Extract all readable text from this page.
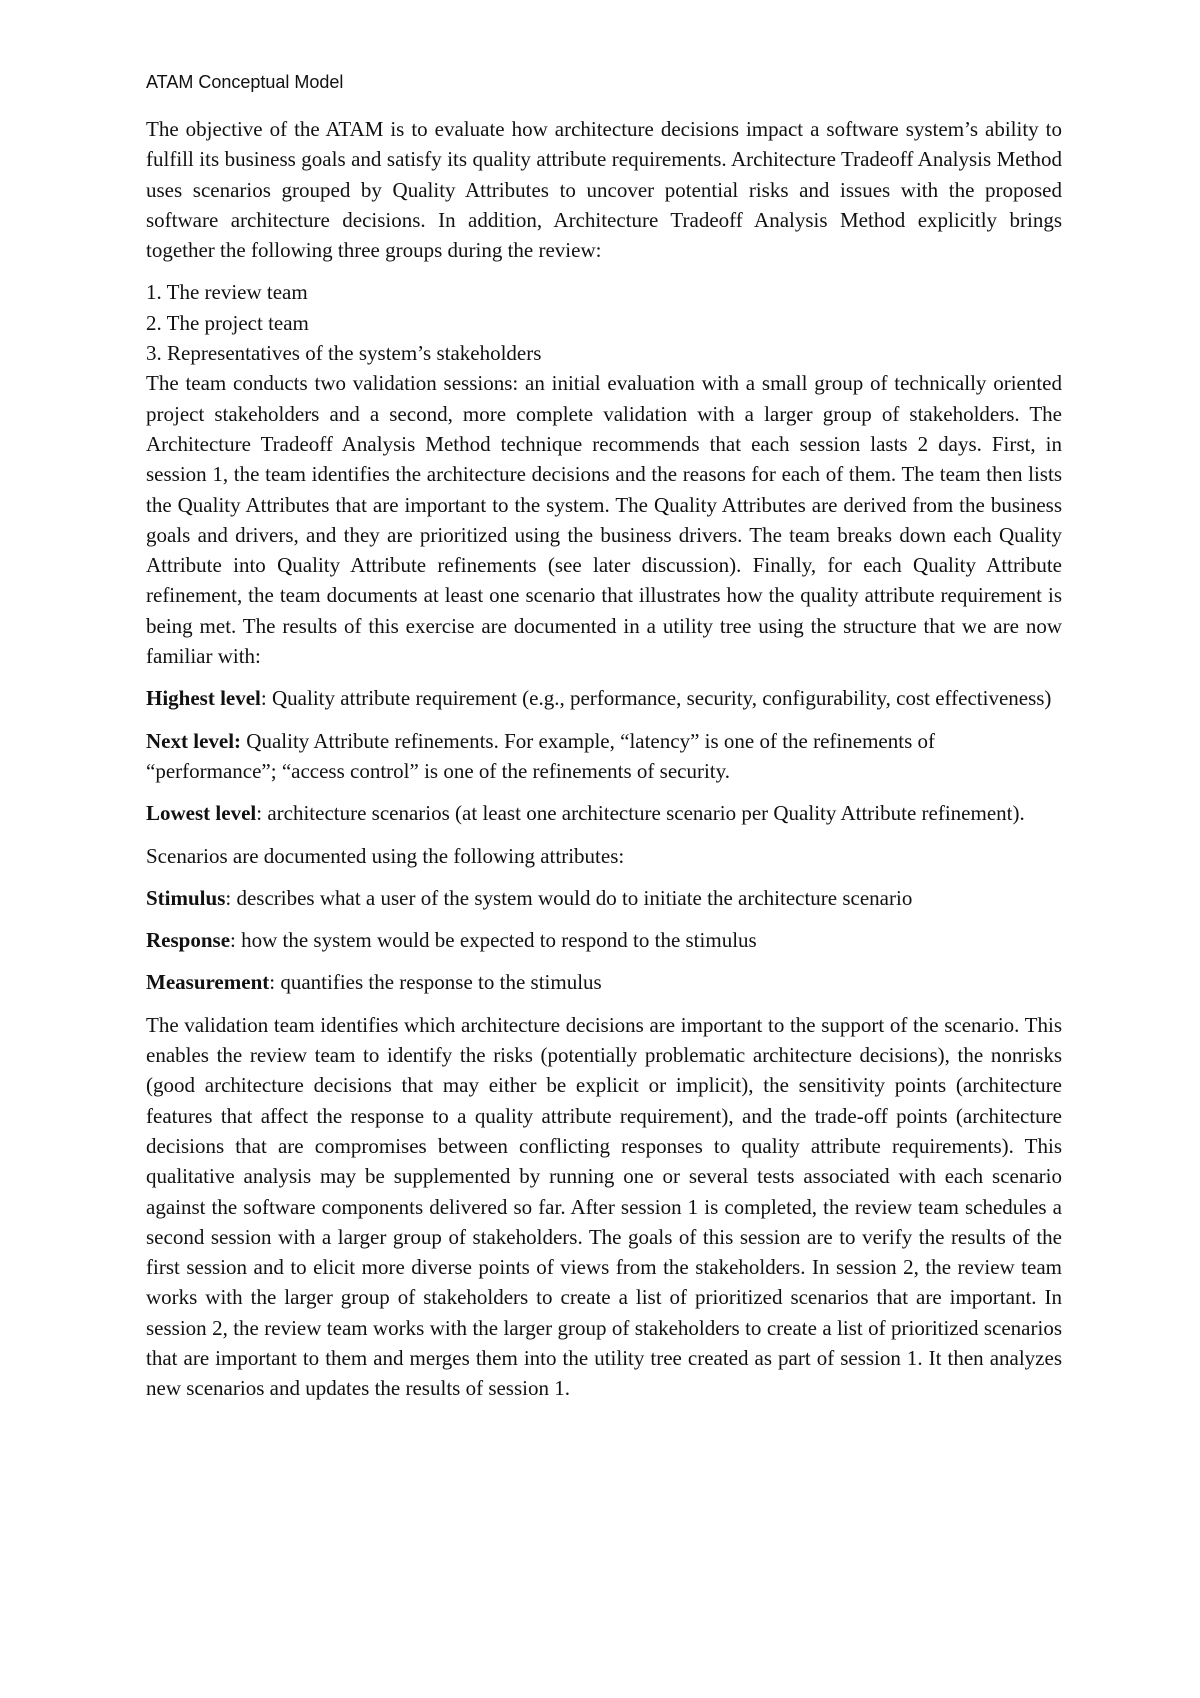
ATAM Conceptual Model

The objective of the ATAM is to evaluate how architecture decisions impact a software system’s ability to fulfill its business goals and satisfy its quality attribute requirements. Architecture Tradeoff Analysis Method uses scenarios grouped by Quality Attributes to uncover potential risks and issues with the proposed software architecture decisions. In addition, Architecture Tradeoff Analysis Method explicitly brings together the following three groups during the review:

1. The review team
2. The project team
3. Representatives of the system’s stakeholders

The team conducts two validation sessions: an initial evaluation with a small group of technically oriented project stakeholders and a second, more complete validation with a larger group of stakeholders. The Architecture Tradeoff Analysis Method technique recommends that each session lasts 2 days. First, in session 1, the team identifies the architecture decisions and the reasons for each of them. The team then lists the Quality Attributes that are important to the system. The Quality Attributes are derived from the business goals and drivers, and they are prioritized using the business drivers. The team breaks down each Quality Attribute into Quality Attribute refinements (see later discussion). Finally, for each Quality Attribute refinement, the team documents at least one scenario that illustrates how the quality attribute requirement is being met. The results of this exercise are documented in a utility tree using the structure that we are now familiar with:

Highest level: Quality attribute requirement (e.g., performance, security, configurability, cost effectiveness)

Next level: Quality Attribute refinements. For example, “latency” is one of the refinements of “performance”; “access control” is one of the refinements of security.

Lowest level: architecture scenarios (at least one architecture scenario per Quality Attribute refinement).

Scenarios are documented using the following attributes:

Stimulus: describes what a user of the system would do to initiate the architecture scenario

Response: how the system would be expected to respond to the stimulus

Measurement: quantifies the response to the stimulus

The validation team identifies which architecture decisions are important to the support of the scenario. This enables the review team to identify the risks (potentially problematic architecture decisions), the nonrisks (good architecture decisions that may either be explicit or implicit), the sensitivity points (architecture features that affect the response to a quality attribute requirement), and the trade-off points (architecture decisions that are compromises between conflicting responses to quality attribute requirements). This qualitative analysis may be supplemented by running one or several tests associated with each scenario against the software components delivered so far. After session 1 is completed, the review team schedules a second session with a larger group of stakeholders. The goals of this session are to verify the results of the first session and to elicit more diverse points of views from the stakeholders. In session 2, the review team works with the larger group of stakeholders to create a list of prioritized scenarios that are important. In session 2, the review team works with the larger group of stakeholders to create a list of prioritized scenarios that are important to them and merges them into the utility tree created as part of session 1. It then analyzes new scenarios and updates the results of session 1.
